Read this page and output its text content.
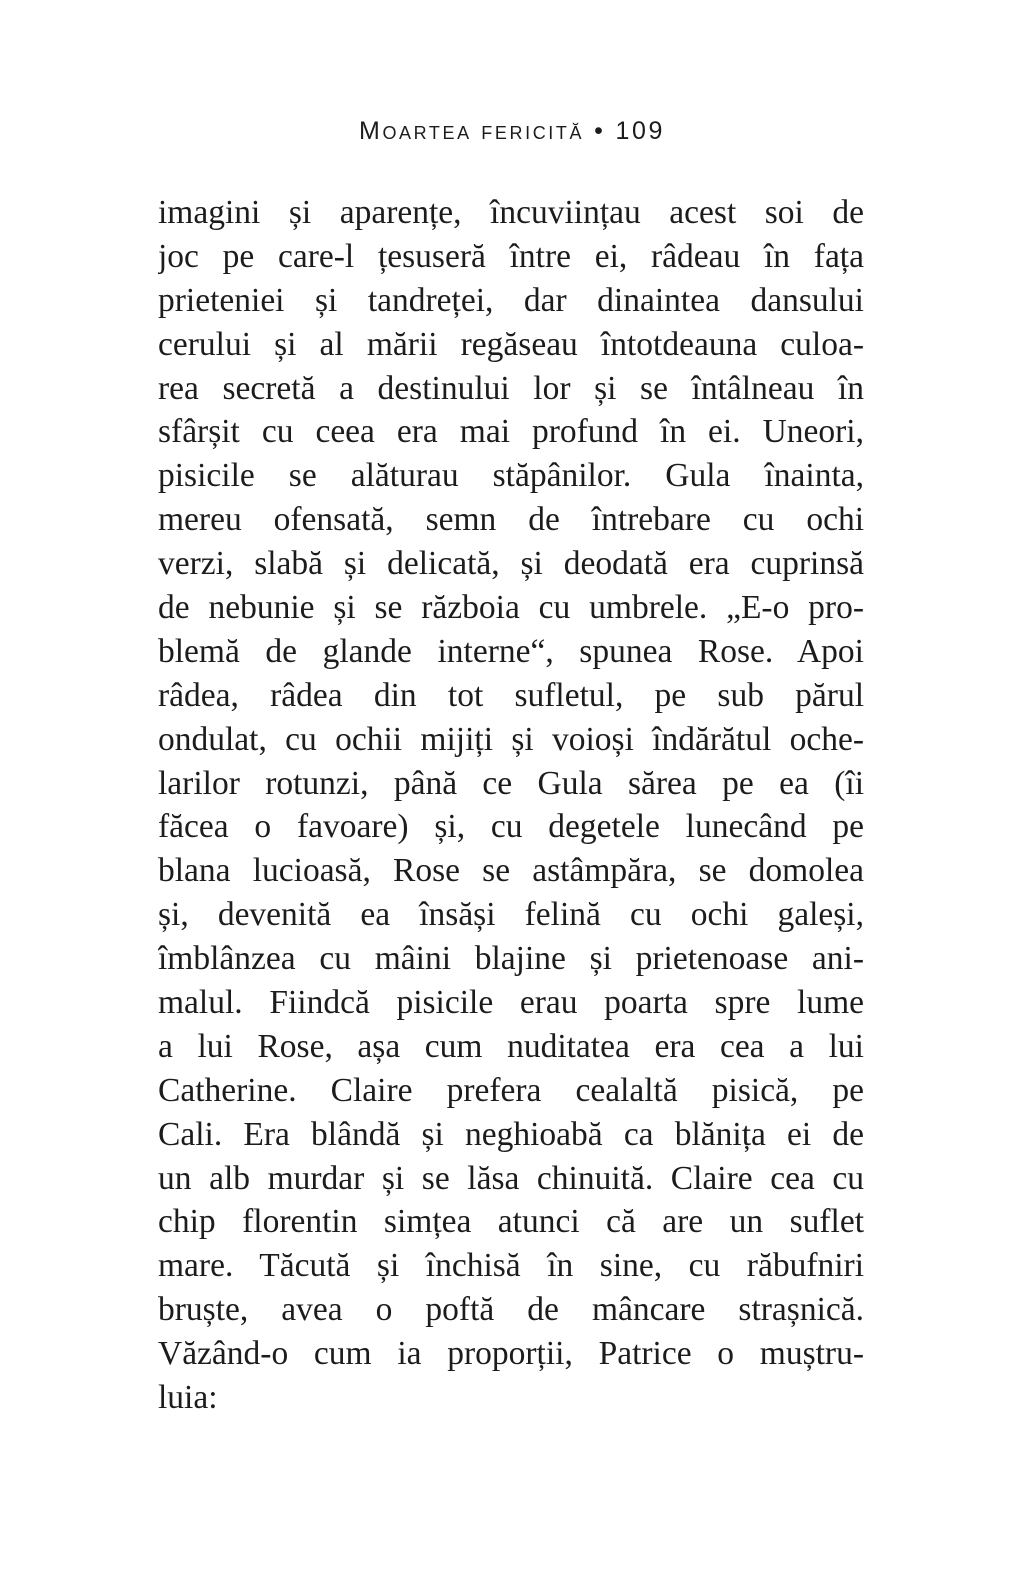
Moartea fericită • 109
imagini și aparențe, încuviințau acest soi de
joc pe care-l țesuseră între ei, râdeau în fața
prieteniei și tandreței, dar dinaintea dansului
cerului și al mării regăseau întotdeauna culoa-
rea secretă a destinului lor și se întâlneau în
sfârșit cu ceea era mai profund în ei. Uneori,
pisicile se alăturau stăpânilor. Gula înainta,
mereu ofensată, semn de întrebare cu ochi
verzi, slabă și delicată, și deodată era cuprinsă
de nebunie și se războia cu umbrele. „E-o pro-
blemă de glande interne“, spunea Rose. Apoi
râdea, râdea din tot sufletul, pe sub părul
ondulat, cu ochii mijiți și voioși îndărătul oche-
larilor rotunzi, până ce Gula sărea pe ea (îi
făcea o favoare) și, cu degetele lunecând pe
blana lucioasă, Rose se astâmpăra, se domolea
și, devenită ea însăși felină cu ochi galeși,
îmblânzea cu mâini blajine și prietenoase ani-
malul. Fiindcă pisicile erau poarta spre lume
a lui Rose, așa cum nuditatea era cea a lui
Catherine. Claire prefera cealaltă pisică, pe
Cali. Era blândă și neghioabă ca blănița ei de
un alb murdar și se lăsa chinuită. Claire cea cu
chip florentin simțea atunci că are un suflet
mare. Tăcută și închisă în sine, cu răbufniri
bruște, avea o poftă de mâncare strașnică.
Văzând-o cum ia proporții, Patrice o muștru-
luia:
